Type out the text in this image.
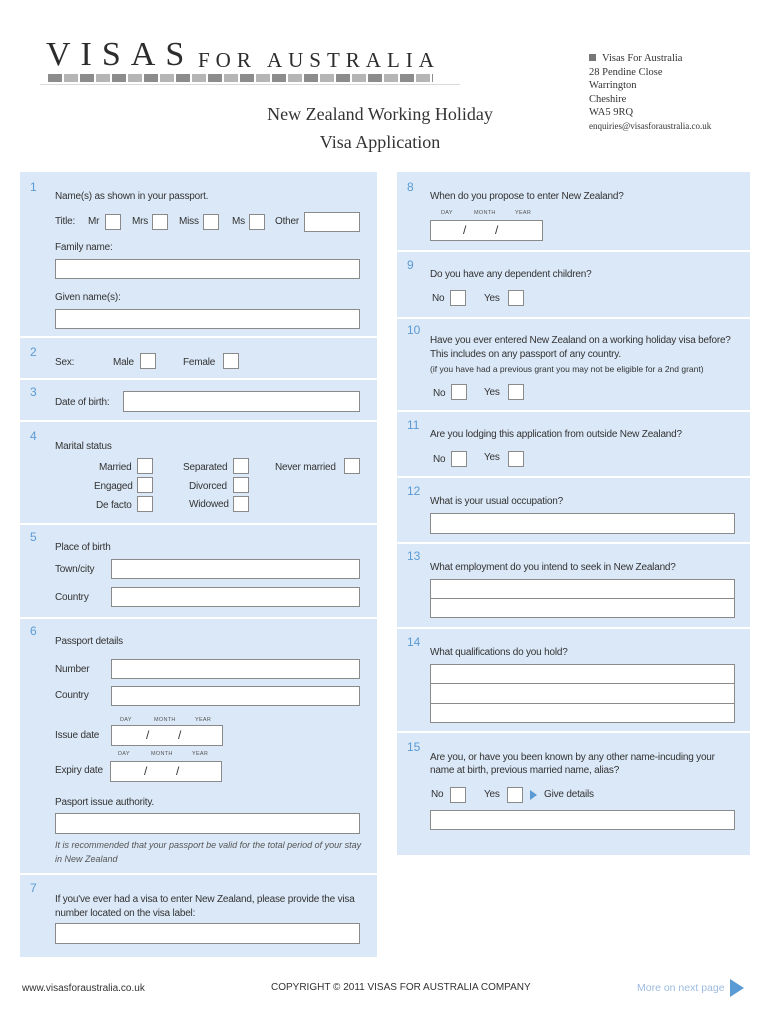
VISAS FOR AUSTRALIA	Visas For Australia
28 Pendine Close
Warrington
Cheshire
WA5 9RQ
enquiries@visasforaustralia.co.uk
New Zealand Working Holiday
Visa Application
1
Name(s) as shown in your passport.
Title: Mr	Mrs	Miss	Ms	Other
Family name:
Given name(s):
2
Sex:	Male	Female
3
Date of birth:
4
Marital status
Married	Separated	Never married
Engaged	Divorced
De facto	Widowed
5
Place of birth
Town/city
Country
6
Passport details
Number
Country
DAY	MONTH	YEAR
Issue date	/ /
DAY	MONTH	YEAR
Expiry date	/ /
Pasport issue authority.
It is recommended that your passport be valid for the total period of your stay in New Zealand
7
If you've ever had a visa to enter New Zealand, please provide the visa number located on the visa label:
8
When do you propose to enter New Zealand?
DAY	MONTH	YEAR
/ /
9
Do you have any dependent children?
No	Yes
10
Have you ever entered New Zealand on a working holiday visa before?
This includes on any passport of any country.
(if you have had a previous grant you may not be eligible for a 2nd grant)
No	Yes
11
Are you lodging this application from outside New Zealand?
No	Yes
12
What is your usual occupation?
13
What employment do you intend to seek in New Zealand?
14
What qualifications do you hold?
15
Are you, or have you been known by any other name-incuding your
name at birth, previous married name, alias?
No	Yes	Give details
www.visasforaustralia.co.uk	COPYRIGHT © 2011 VISAS FOR AUSTRALIA COMPANY	More on next page
